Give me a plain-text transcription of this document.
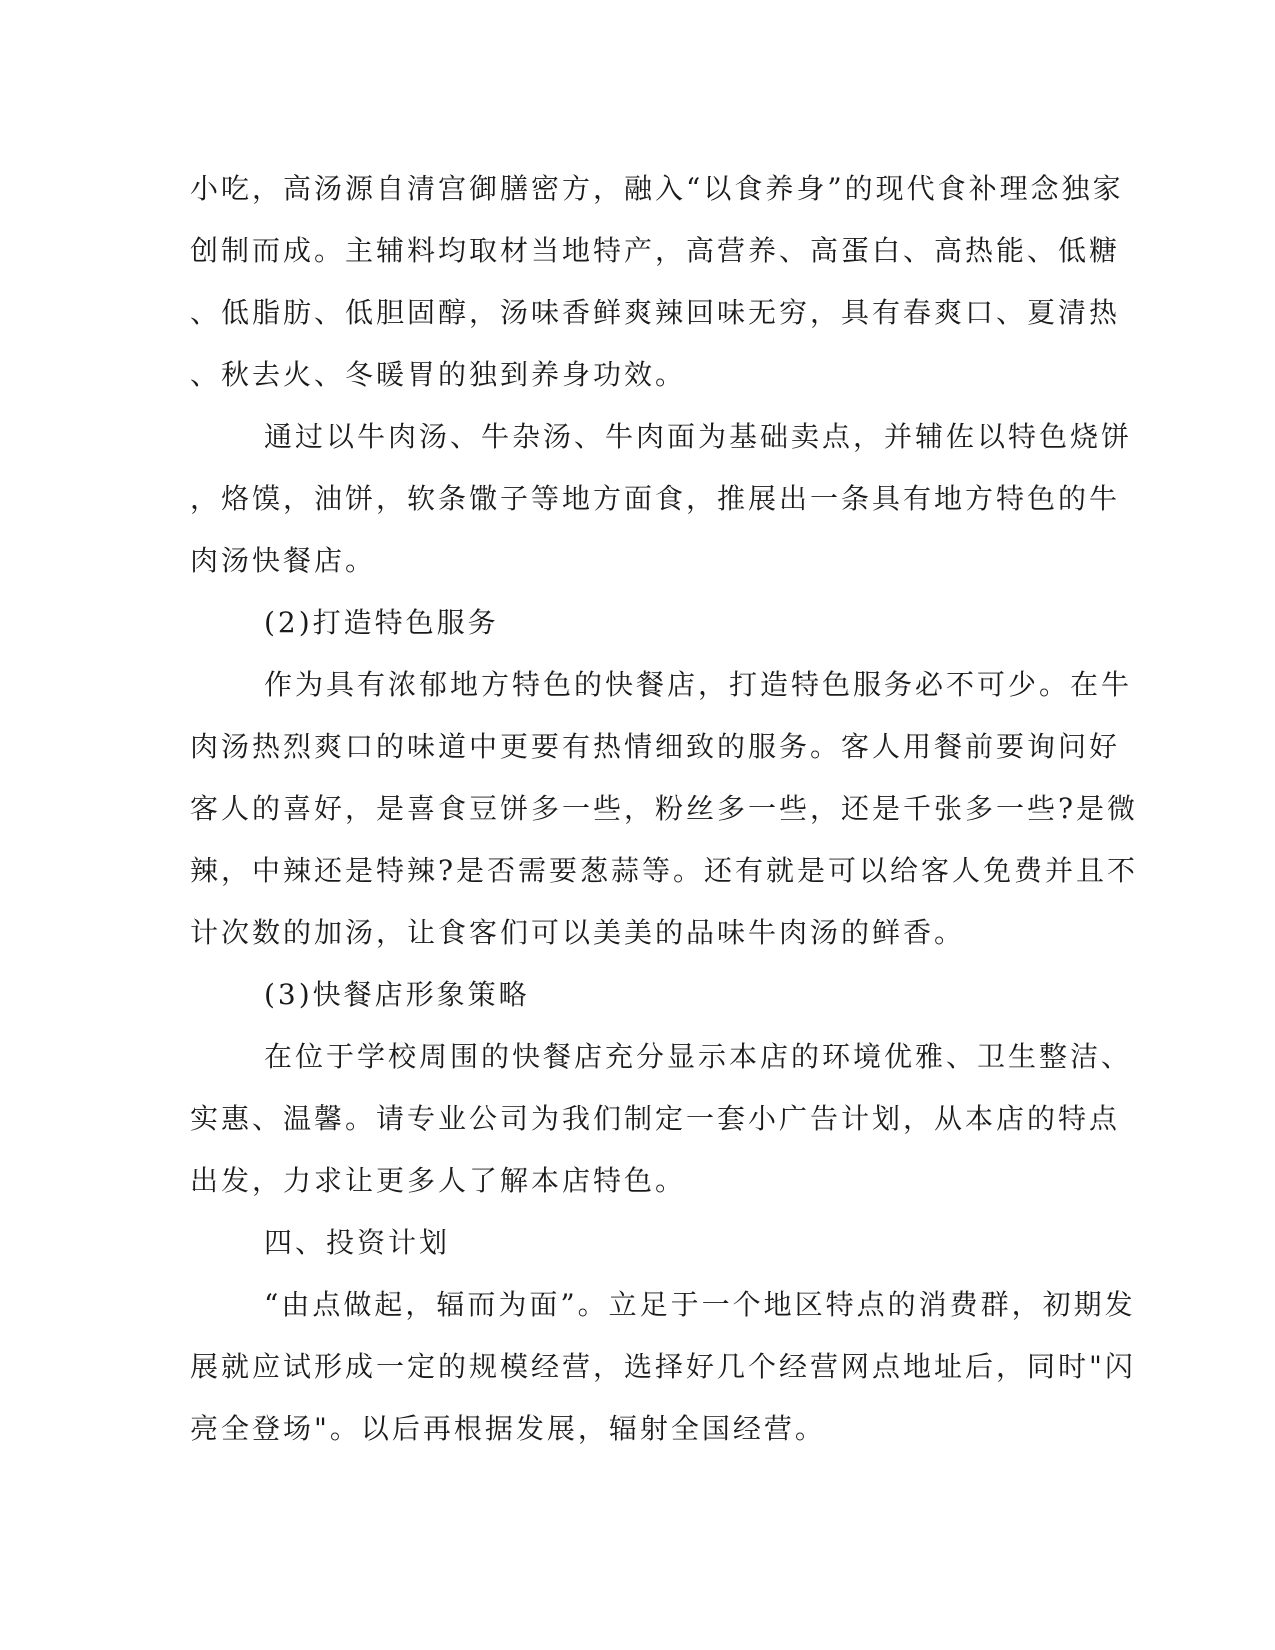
小吃，高汤源自清宫御膳密方，融入“以食养身”的现代食补理念独家
创制而成。主辅料均取材当地特产，高营养、高蛋白、高热能、低糖
、低脂肪、低胆固醇，汤味香鲜爽辣回味无穷，具有春爽口、夏清热
、秋去火、冬暖胃的独到养身功效。
通过以牛肉汤、牛杂汤、牛肉面为基础卖点，并辅佐以特色烧饼
，烙馍，油饼，软条馓子等地方面食，推展出一条具有地方特色的牛
肉汤快餐店。
(2)打造特色服务
作为具有浓郁地方特色的快餐店，打造特色服务必不可少。在牛
肉汤热烈爽口的味道中更要有热情细致的服务。客人用餐前要询问好
客人的喜好，是喜食豆饼多一些，粉丝多一些，还是千张多一些?是微
辣，中辣还是特辣?是否需要葱蒜等。还有就是可以给客人免费并且不
计次数的加汤，让食客们可以美美的品味牛肉汤的鲜香。
(3)快餐店形象策略
在位于学校周围的快餐店充分显示本店的环境优雅、卫生整洁、
实惠、温馨。请专业公司为我们制定一套小广告计划，从本店的特点
出发，力求让更多人了解本店特色。
四、投资计划
“由点做起，辐而为面”。立足于一个地区特点的消费群，初期发
展就应试形成一定的规模经营，选择好几个经营网点地址后，同时"闪
亮全登场"。以后再根据发展，辐射全国经营。
